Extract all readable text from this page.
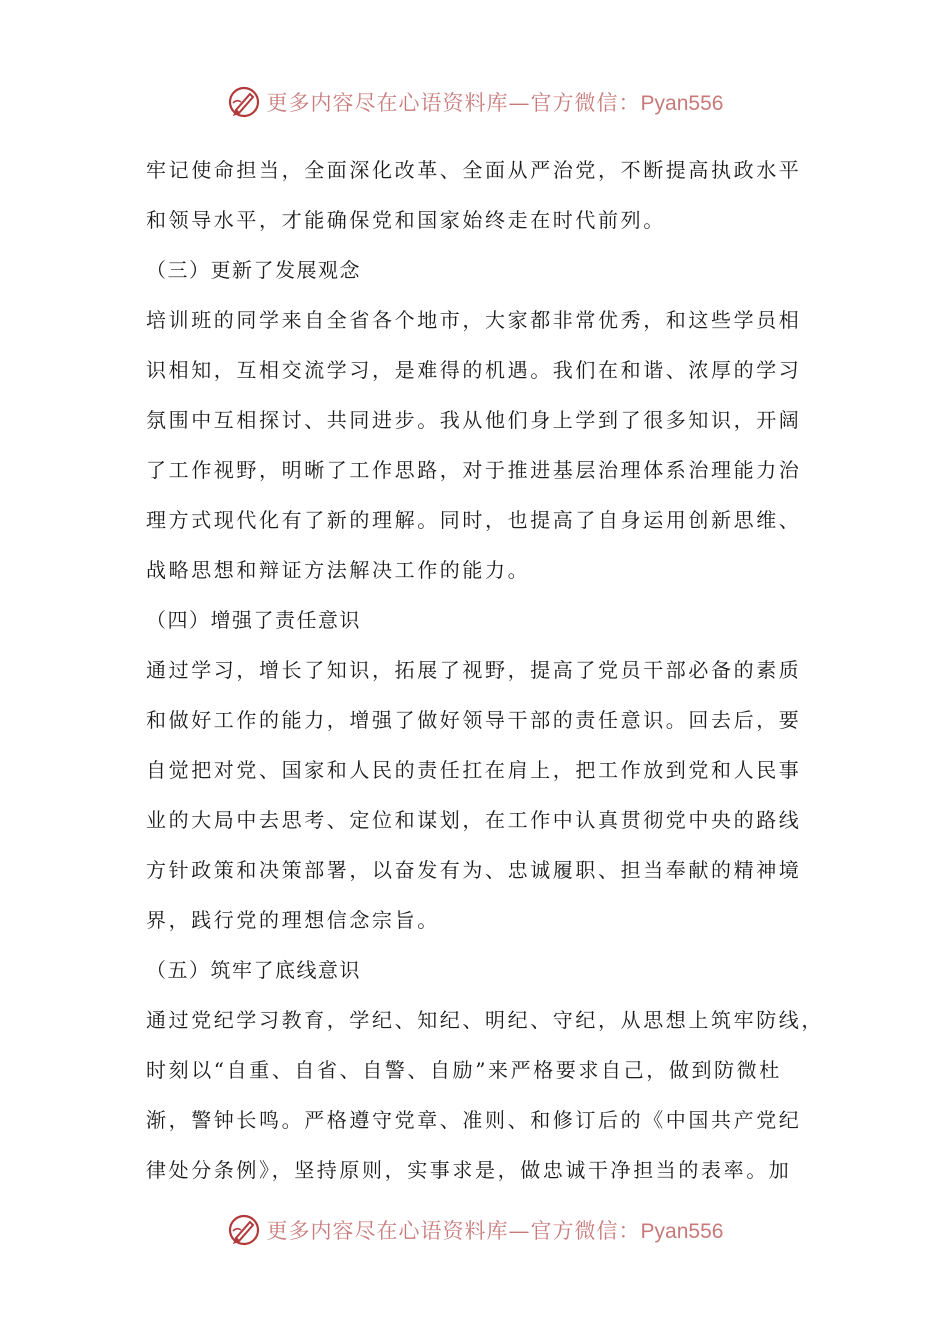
更多内容尽在心语资料库—官方微信：Pyan556
牢记使命担当，全面深化改革、全面从严治党，不断提高执政水平
和领导水平，才能确保党和国家始终走在时代前列。
（三）更新了发展观念
培训班的同学来自全省各个地市，大家都非常优秀，和这些学员相
识相知，互相交流学习，是难得的机遇。我们在和谐、浓厚的学习
氛围中互相探讨、共同进步。我从他们身上学到了很多知识，开阔
了工作视野，明晰了工作思路，对于推进基层治理体系治理能力治
理方式现代化有了新的理解。同时，也提高了自身运用创新思维、
战略思想和辩证方法解决工作的能力。
（四）增强了责任意识
通过学习，增长了知识，拓展了视野，提高了党员干部必备的素质
和做好工作的能力，增强了做好领导干部的责任意识。回去后，要
自觉把对党、国家和人民的责任扛在肩上，把工作放到党和人民事
业的大局中去思考、定位和谋划，在工作中认真贯彻党中央的路线
方针政策和决策部署，以奋发有为、忠诚履职、担当奉献的精神境
界，践行党的理想信念宗旨。
（五）筑牢了底线意识
通过党纪学习教育，学纪、知纪、明纪、守纪，从思想上筑牢防线，
时刻以“自重、自省、自警、自励”来严格要求自己，做到防微杜
渐，警钟长鸣。严格遵守党章、准则、和修订后的《中国共产党纪
律处分条例》，坚持原则，实事求是，做忠诚干净担当的表率。加
更多内容尽在心语资料库—官方微信：Pyan556
